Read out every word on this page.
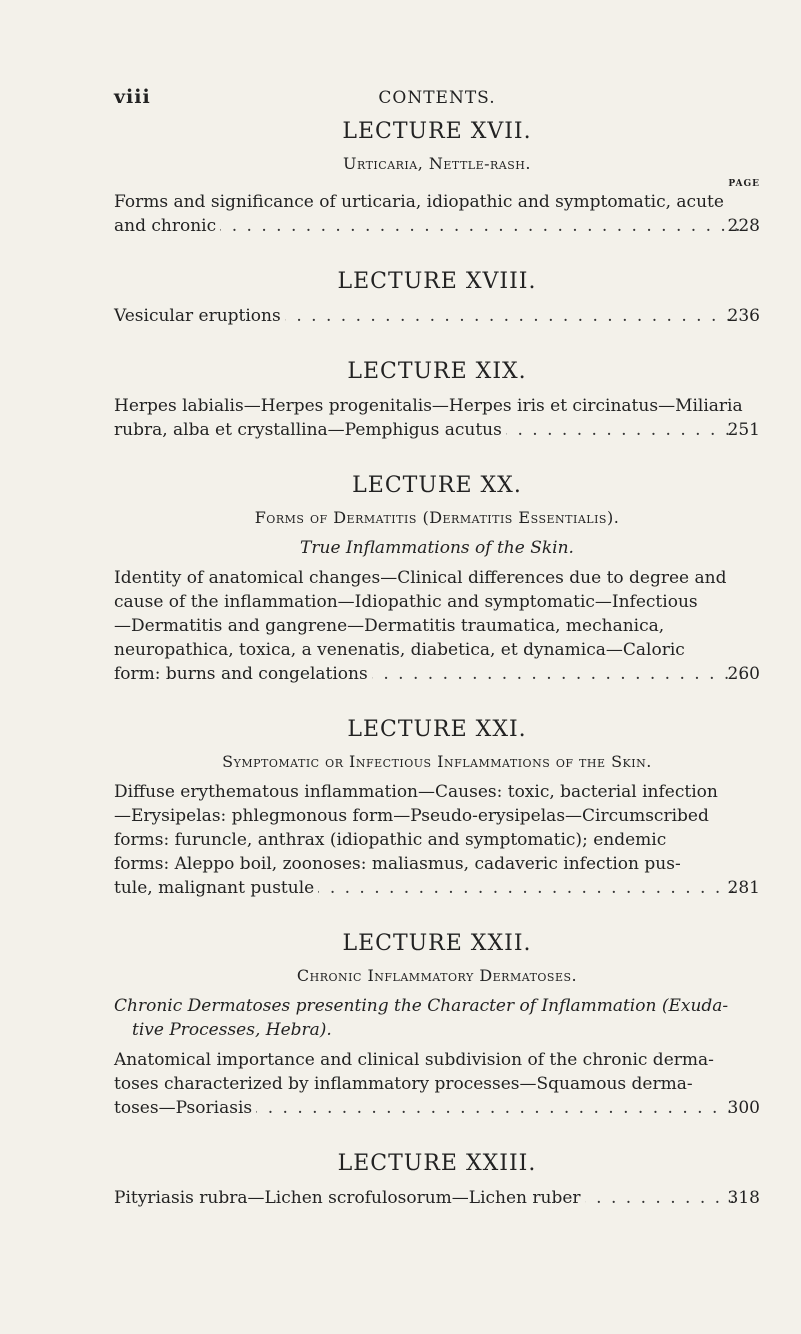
viii	CONTENTS.
LECTURE XVII.
Urticaria, Nettle-rash.
PAGE
Forms and significance of urticaria, idiopathic and symptomatic, acute
and chronic . . .	228
LECTURE XVIII.
Vesicular eruptions . . .	236
LECTURE XIX.
Herpes labialis—Herpes progenitalis—Herpes iris et circinatus—Miliaria
rubra, alba et crystallina—Pemphigus acutus . . .	251
LECTURE XX.
Forms of Dermatitis (Dermatitis Essentialis).
True Inflammations of the Skin.
Identity of anatomical changes—Clinical differences due to degree and
cause of the inflammation—Idiopathic and symptomatic—Infectious
—Dermatitis and gangrene—Dermatitis traumatica, mechanica,
neuropathica, toxica, a venenatis, diabetica, et dynamica—Caloric
form: burns and congelations . . .	260
LECTURE XXI.
Symptomatic or Infectious Inflammations of the Skin.
Diffuse erythematous inflammation—Causes: toxic, bacterial infection
—Erysipelas: phlegmonous form—Pseudo-erysipelas—Circumscribed
forms: furuncle, anthrax (idiopathic and symptomatic); endemic
forms: Aleppo boil, zoonoses: maliasmus, cadaveric infection pus-
tule, malignant pustule . . .	281
LECTURE XXII.
Chronic Inflammatory Dermatoses.
Chronic Dermatoses presenting the Character of Inflammation (Exuda-
tive Processes, Hebra).
Anatomical importance and clinical subdivision of the chronic derma-
toses characterized by inflammatory processes—Squamous derma-
toses—Psoriasis . . .	300
LECTURE XXIII.
Pityriasis rubra—Lichen scrofulosorum—Lichen ruber . . .	318
